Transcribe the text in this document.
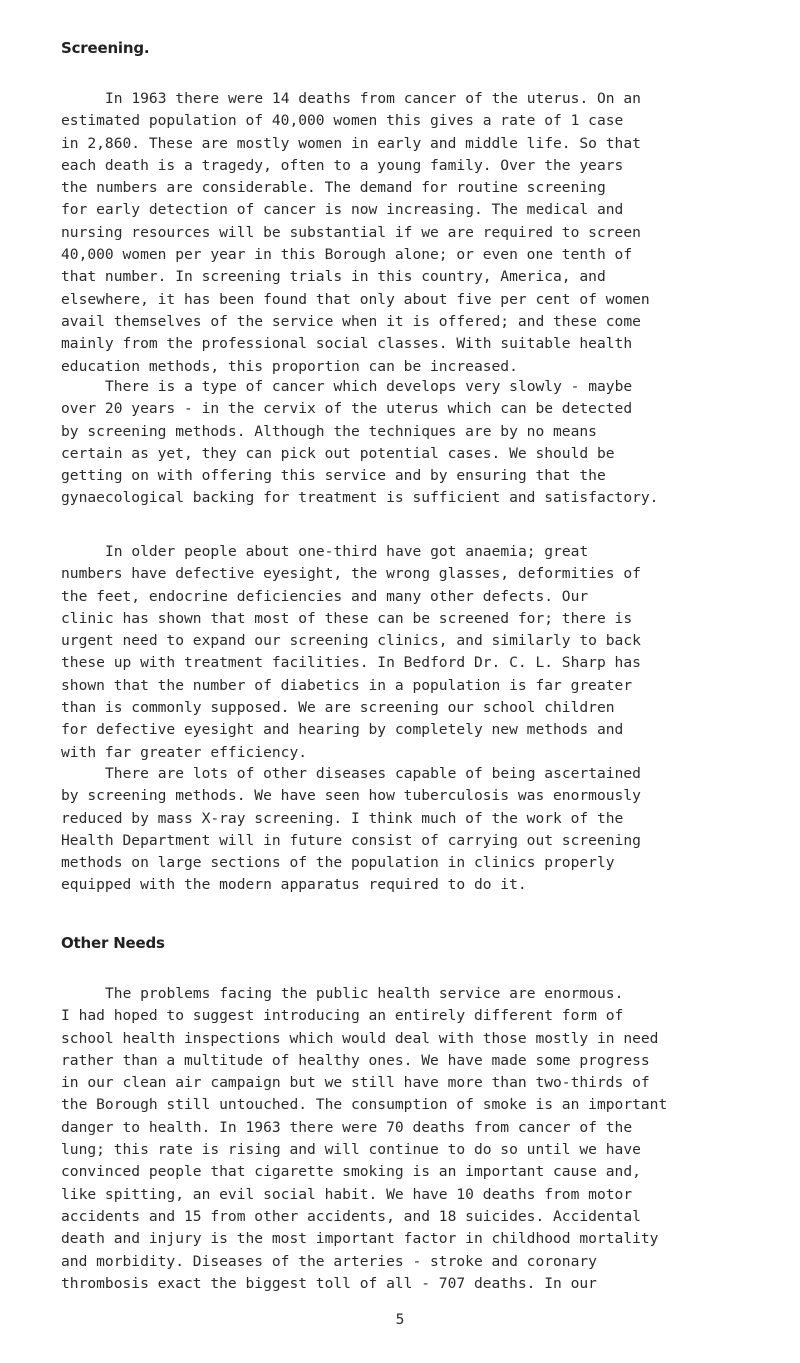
Screening.
In 1963 there were 14 deaths from cancer of the uterus. On an
estimated population of 40,000 women this gives a rate of 1 case
in 2,860. These are mostly women in early and middle life. So that
each death is a tragedy, often to a young family. Over the years
the numbers are considerable. The demand for routine screening
for early detection of cancer is now increasing. The medical and
nursing resources will be substantial if we are required to screen
40,000 women per year in this Borough alone; or even one tenth of
that number. In screening trials in this country, America, and
elsewhere, it has been found that only about five per cent of women
avail themselves of the service when it is offered; and these come
mainly from the professional social classes. With suitable health
education methods, this proportion can be increased.
There is a type of cancer which develops very slowly - maybe
over 20 years - in the cervix of the uterus which can be detected
by screening methods. Although the techniques are by no means
certain as yet, they can pick out potential cases. We should be
getting on with offering this service and by ensuring that the
gynaecological backing for treatment is sufficient and satisfactory.
In older people about one-third have got anaemia; great
numbers have defective eyesight, the wrong glasses, deformities of
the feet, endocrine deficiencies and many other defects. Our
clinic has shown that most of these can be screened for; there is
urgent need to expand our screening clinics, and similarly to back
these up with treatment facilities. In Bedford Dr. C. L. Sharp has
shown that the number of diabetics in a population is far greater
than is commonly supposed. We are screening our school children
for defective eyesight and hearing by completely new methods and
with far greater efficiency.
There are lots of other diseases capable of being ascertained
by screening methods. We have seen how tuberculosis was enormously
reduced by mass X-ray screening. I think much of the work of the
Health Department will in future consist of carrying out screening
methods on large sections of the population in clinics properly
equipped with the modern apparatus required to do it.
Other Needs
The problems facing the public health service are enormous.
I had hoped to suggest introducing an entirely different form of
school health inspections which would deal with those mostly in need
rather than a multitude of healthy ones. We have made some progress
in our clean air campaign but we still have more than two-thirds of
the Borough still untouched. The consumption of smoke is an important
danger to health. In 1963 there were 70 deaths from cancer of the
lung; this rate is rising and will continue to do so until we have
convinced people that cigarette smoking is an important cause and,
like spitting, an evil social habit. We have 10 deaths from motor
accidents and 15 from other accidents, and 18 suicides. Accidental
death and injury is the most important factor in childhood mortality
and morbidity. Diseases of the arteries - stroke and coronary
thrombosis exact the biggest toll of all - 707 deaths. In our
5
